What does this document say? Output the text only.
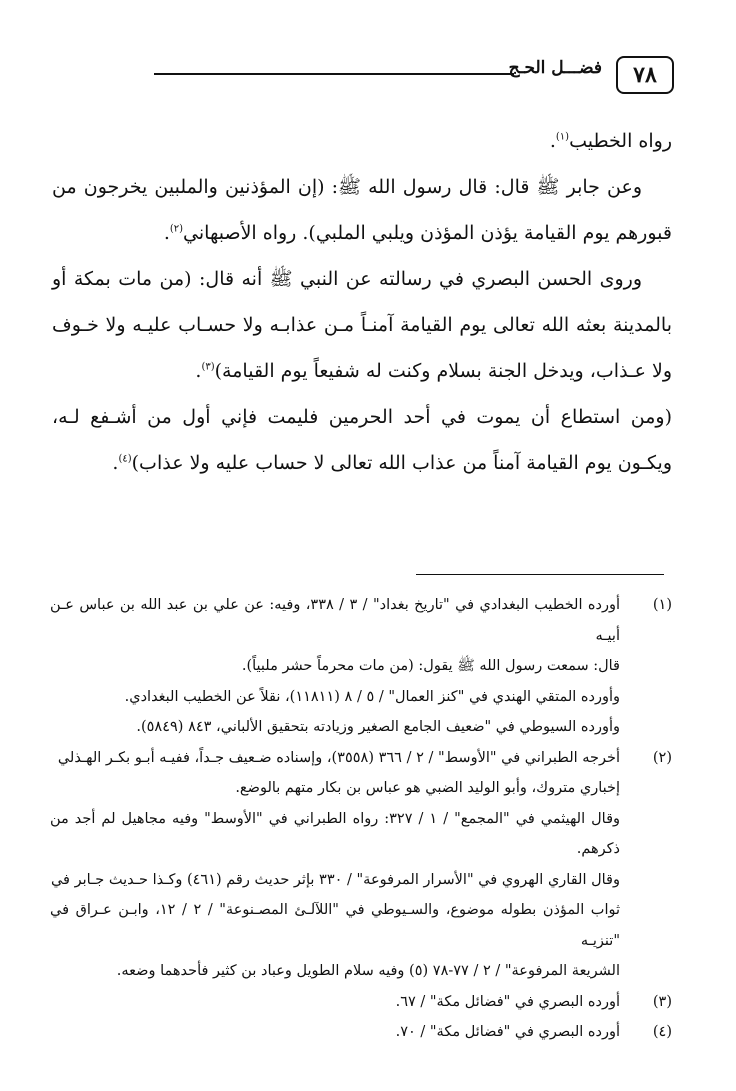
٧٨
فضـــل الحـج

رواه الخطيب$^{(١)}$.

وعن جابر ﷺ قال: قال رسول الله ﷺ: (إن المؤذنين والملبين يخرجون من قبورهم يوم القيامة يؤذن المؤذن ويلبي الملبي). رواه الأصبهاني$^{(٢)}$.

وروى الحسن البصري في رسالته عن النبي ﷺ أنه قال: (من مات بمكة أو بالمدينة بعثه الله تعالى يوم القيامة آمنـاً مـن عذابـه ولا حسـاب عليـه ولا خـوف ولا عـذاب، ويدخل الجنة بسلام وكنت له شفيعاً يوم القيامة)$^{(٣)}$.

(ومن استطاع أن يموت في أحد الحرمين فليمت فإني أول من أشـفع لـه، ويكـون يوم القيامة آمناً من عذاب الله تعالى لا حساب عليه ولا عذاب)$^{(٤)}$.

(١)
أورده الخطيب البغدادي في "تاريخ بغداد" / ٣ / ٣٣٨، وفيه: عن علي بن عبد الله بن عباس عـن أبيـه

قال: سمعت رسول الله ﷺ يقول: (من مات محرماً حشر ملبياً).

وأورده المتقي الهندي في "كنز العمال" / ٥ / ٨ (١١٨١١)، نقلاً عن الخطيب البغدادي.

وأورده السيوطي في "ضعيف الجامع الصغير وزيادته بتحقيق الألباني، ٨٤٣ (٥٨٤٩).

(٢)
أخرجه الطبراني في "الأوسط" / ٢ / ٣٦٦ (٣٥٥٨)، وإسناده ضـعيف جـداً، ففيـه أبـو بكـر الهـذلي

إخباري متروك، وأبو الوليد الضبي هو عباس بن بكار متهم بالوضع.

وقال الهيثمي في "المجمع" / ١ / ٣٢٧: رواه الطبراني في "الأوسط" وفيه مجاهيل لم أجد من ذكرهم.

وقال القاري الهروي في "الأسرار المرفوعة" / ٣٣٠ بإثر حديث رقم (٤٦١) وكـذا حـديث جـابر في

ثواب المؤذن بطوله موضوع، والسـيوطي في "اللآلـئ المصـنوعة" / ٢ / ١٢، وابـن عـراق في "تنزيـه

الشريعة المرفوعة" / ٢ / ٧٧-٧٨ (٥) وفيه سلام الطويل وعباد بن كثير فأحدهما وضعه.

(٣)
أورده البصري في "فضائل مكة" / ٦٧.

(٤)
أورده البصري في "فضائل مكة" / ٧٠.
